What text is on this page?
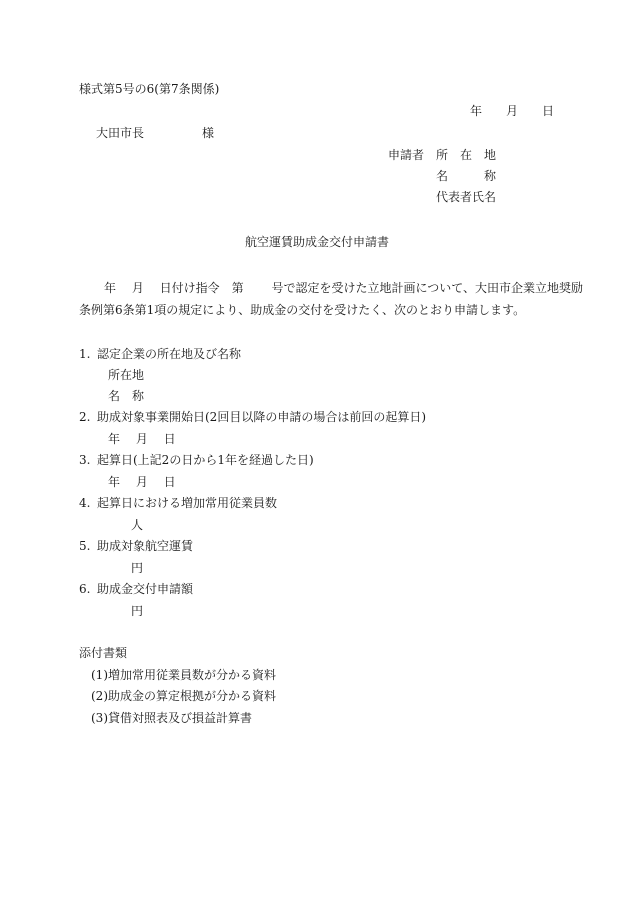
様式第5号の6(第7条関係)
年 月 日
大田市長	様
申請者 所　在　地
名　　　称
代表者氏名
航空運賃助成金交付申請書
年　 月　 日付け指令　第　　 号で認定を受けた立地計画について、大田市企業立地奨励
条例第6条第1項の規定により、助成金の交付を受けたく、次のとおり申請します。
1. 認定企業の所在地及び名称
所在地
名　称
2. 助成対象事業開始日(2回目以降の申請の場合は前回の起算日)
年　 月　 日
3. 起算日(上記2の日から1年を経過した日)
年　 月　 日
4. 起算日における増加常用従業員数
人
5. 助成対象航空運賃
円
6. 助成金交付申請額
円
添付書類
(1)増加常用従業員数が分かる資料
(2)助成金の算定根拠が分かる資料
(3)貸借対照表及び損益計算書
